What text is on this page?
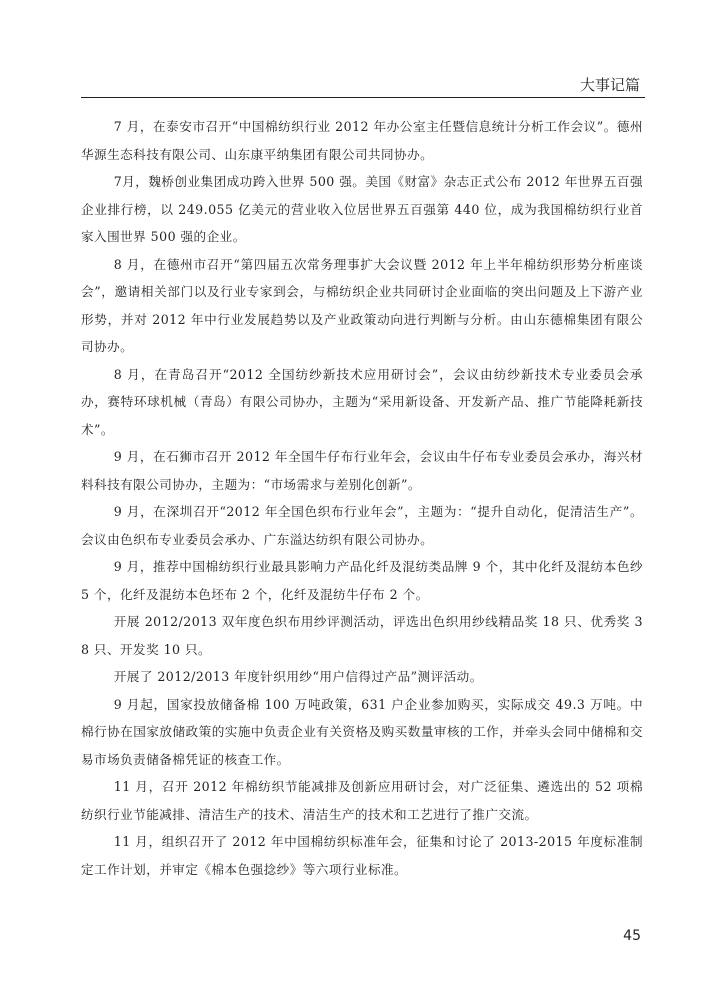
大事记篇

7 月，在泰安市召开“中国棉纺织行业 2012 年办公室主任暨信息统计分析工作会议”。德州华源生态科技有限公司、山东康平纳集团有限公司共同协办。

7月，魏桥创业集团成功跨入世界 500 强。美国《财富》杂志正式公布 2012 年世界五百强企业排行榜，以 249.055 亿美元的营业收入位居世界五百强第 440 位，成为我国棉纺织行业首家入围世界 500 强的企业。

8 月，在德州市召开“第四届五次常务理事扩大会议暨 2012 年上半年棉纺织形势分析座谈会”，邀请相关部门以及行业专家到会，与棉纺织企业共同研讨企业面临的突出问题及上下游产业形势，并对 2012 年中行业发展趋势以及产业政策动向进行判断与分析。由山东德棉集团有限公司协办。

8 月，在青岛召开“2012 全国纺纱新技术应用研讨会”，会议由纺纱新技术专业委员会承办，赛特环球机械（青岛）有限公司协办，主题为“采用新设备、开发新产品、推广节能降耗新技术”。

9 月，在石狮市召开 2012 年全国牛仔布行业年会，会议由牛仔布专业委员会承办，海兴材料科技有限公司协办，主题为：“市场需求与差别化创新”。

9 月，在深圳召开“2012 年全国色织布行业年会”，主题为：“提升自动化，促清洁生产”。会议由色织布专业委员会承办、广东溢达纺织有限公司协办。

9 月，推荐中国棉纺织行业最具影响力产品化纤及混纺类品牌 9 个，其中化纤及混纺本色纱 5 个，化纤及混纺本色坯布 2 个，化纤及混纺牛仔布 2 个。

开展 2012/2013 双年度色织布用纱评测活动，评选出色织用纱线精品奖 18 只、优秀奖 38 只、开发奖 10 只。

开展了 2012/2013 年度针织用纱“用户信得过产品”测评活动。

9 月起，国家投放储备棉 100 万吨政策，631 户企业参加购买，实际成交 49.3 万吨。中棉行协在国家放储政策的实施中负责企业有关资格及购买数量审核的工作，并牵头会同中储棉和交易市场负责储备棉凭证的核查工作。

11 月，召开 2012 年棉纺织节能减排及创新应用研讨会，对广泛征集、遴选出的 52 项棉纺织行业节能减排、清洁生产的技术、清洁生产的技术和工艺进行了推广交流。

11 月，组织召开了 2012 年中国棉纺织标准年会，征集和讨论了 2013-2015 年度标准制定工作计划，并审定《棉本色强捻纱》等六项行业标准。

45
